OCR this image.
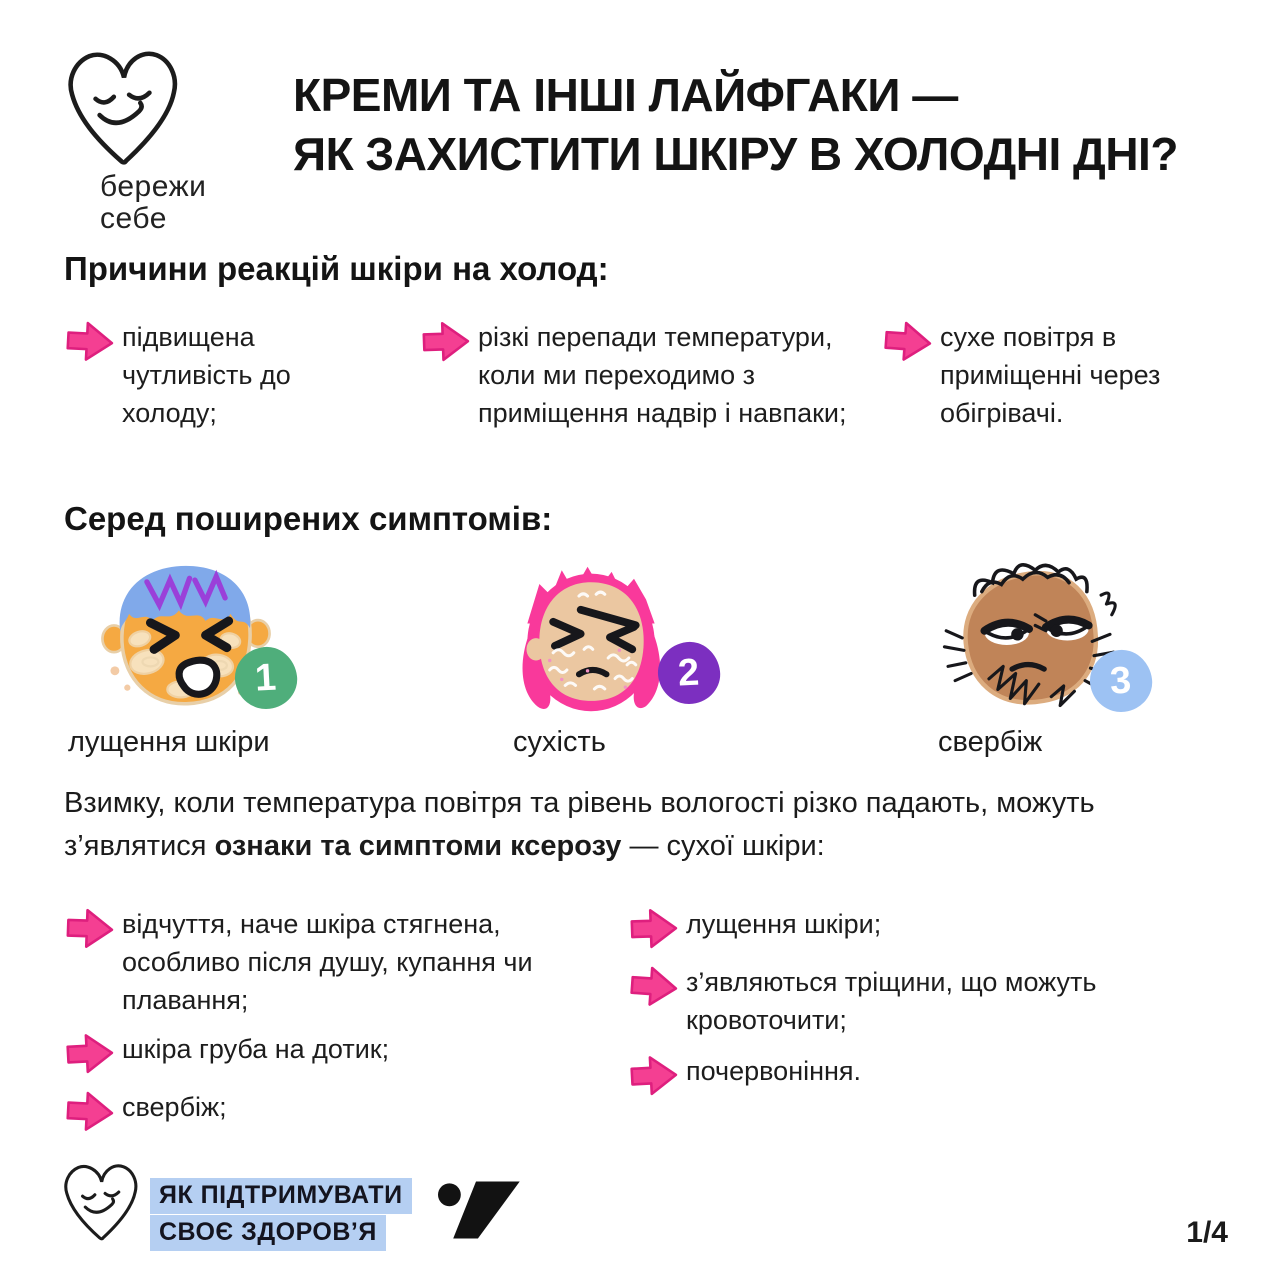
бережи
себе
КРЕМИ ТА ІНШІ ЛАЙФГАКИ —
ЯК ЗАХИСТИТИ ШКІРУ В ХОЛОДНІ ДНІ?
Причини реакцій шкіри на холод:
підвищена чутливість до холоду;
різкі перепади температури, коли ми переходимо з приміщення надвір і навпаки;
сухе повітря в приміщенні через обігрівачі.
Серед поширених симптомів:
1	2	3
лущення шкіри	сухість	свербіж

Взимку, коли температура повітря та рівень вологості різко падають, можуть з’являтися ознаки та симптоми ксерозу — сухої шкіри:

відчуття, наче шкіра стягнена, особливо після душу, купання чи плавання;
шкіра груба на дотик;
свербіж;
лущення шкіри;
з’являються тріщини, що можуть кровоточити;
почервоніння.
ЯК ПІДТРИМУВАТИ
СВОЄ ЗДОРОВ’Я	1/4
